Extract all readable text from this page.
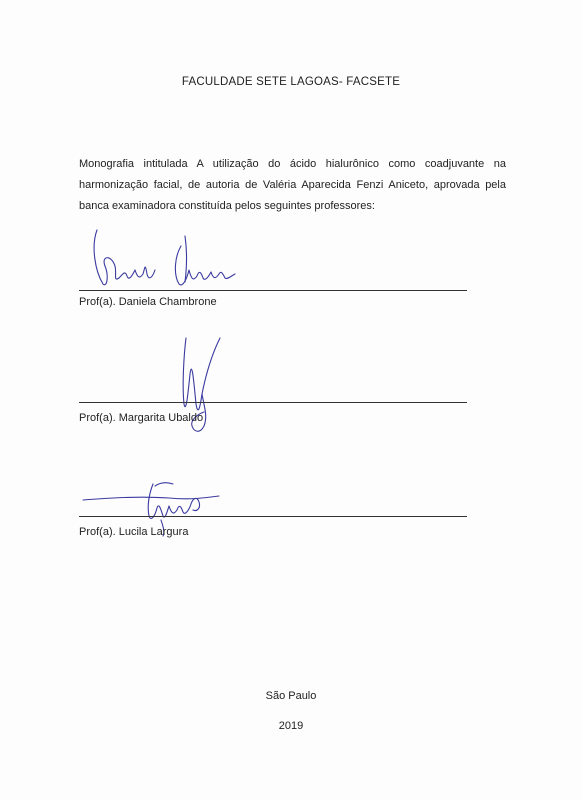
FACULDADE SETE LAGOAS- FACSETE

Monografia intitulada A utilização do ácido hialurônico como coadjuvante na harmonização facial, de autoria de Valéria Aparecida Fenzi Aniceto, aprovada pela banca examinadora constituída pelos seguintes professores:

Prof(a). Daniela Chambrone
Prof(a). Margarita Ubaldo
Prof(a). Lucila Largura
São Paulo
2019
